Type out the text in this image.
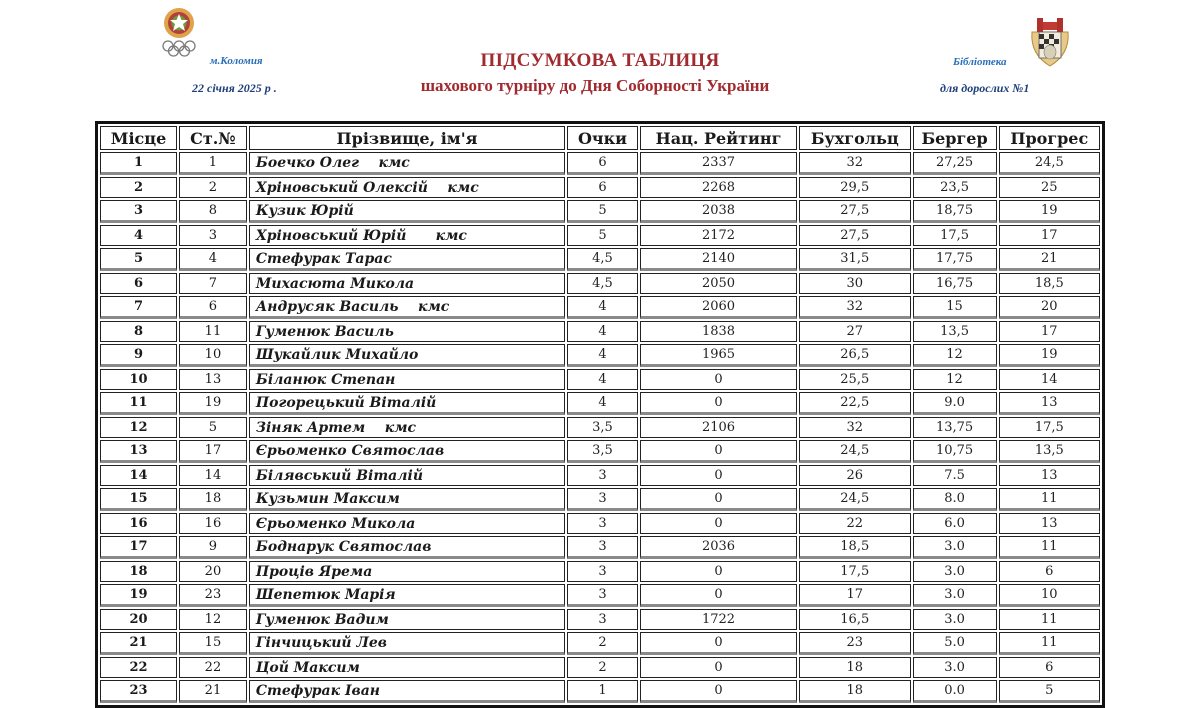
м.Коломия
22 січня 2025 р .
ПІДСУМКОВА ТАБЛИЦЯ
шахового турніру до Дня Соборності України
Бібліотека
для дорослих №1
Місце	Ст.№	Прізвище, ім'я	Очки	Нац. Рейтинг	Бухгольц	Бергер	Прогрес
1	1	Боечко Олег    кмс	6	2337	32	27,25	24,5
2	2	Хріновський Олексій    кмс	6	2268	29,5	23,5	25
3	8	Кузик Юрій	5	2038	27,5	18,75	19
4	3	Хріновський Юрій      кмс	5	2172	27,5	17,5	17
5	4	Стефурак Тарас	4,5	2140	31,5	17,75	21
6	7	Михасюта Микола	4,5	2050	30	16,75	18,5
7	6	Андрусяк Василь    кмс	4	2060	32	15	20
8	11	Гуменюк Василь	4	1838	27	13,5	17
9	10	Шукайлик Михайло	4	1965	26,5	12	19
10	13	Біланюк Степан	4	0	25,5	12	14
11	19	Погорецький Віталій	4	0	22,5	9.0	13
12	5	Зіняк Артем    кмс	3,5	2106	32	13,75	17,5
13	17	Єрьоменко Святослав	3,5	0	24,5	10,75	13,5
14	14	Білявський Віталій	3	0	26	7.5	13
15	18	Кузьмин Максим	3	0	24,5	8.0	11
16	16	Єрьоменко Микола	3	0	22	6.0	13
17	9	Боднарук Святослав	3	2036	18,5	3.0	11
18	20	Проців Ярема	3	0	17,5	3.0	6
19	23	Шепетюк Марія	3	0	17	3.0	10
20	12	Гуменюк Вадим	3	1722	16,5	3.0	11
21	15	Гінчицький Лев	2	0	23	5.0	11
22	22	Цой Максим	2	0	18	3.0	6
23	21	Стефурак Іван	1	0	18	0.0	5
